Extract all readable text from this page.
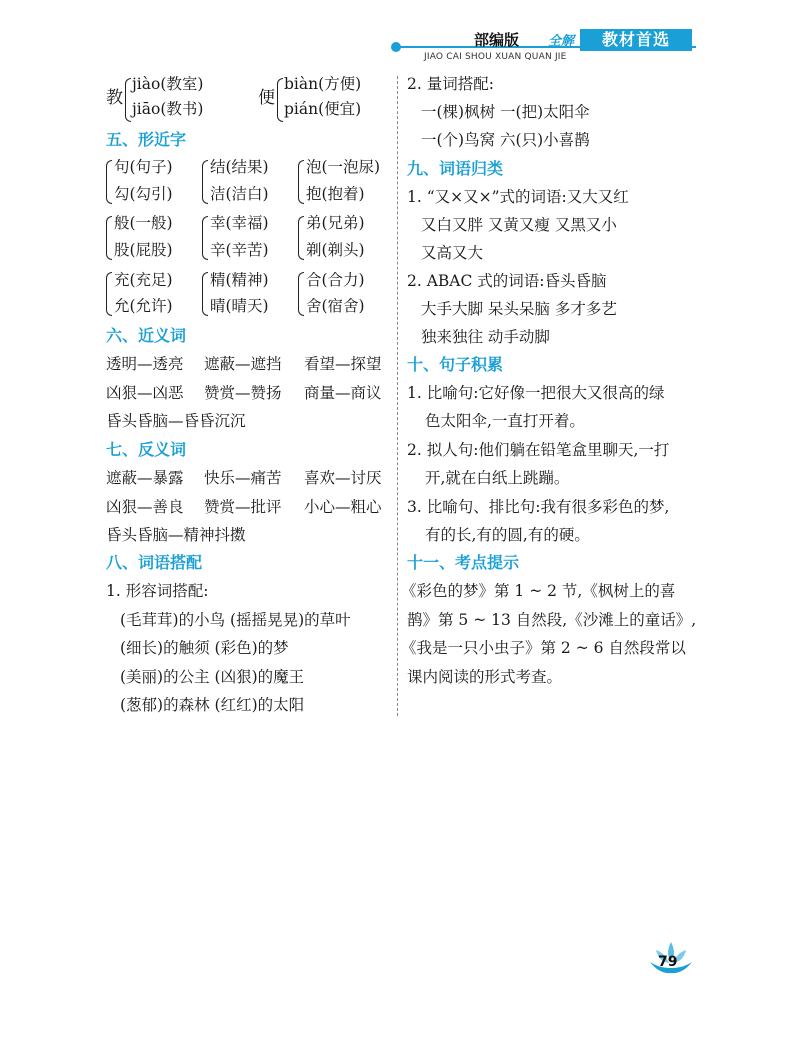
部编版 全解	教材首选
JIAO CAI SHOU XUAN QUAN JIE
教
jiào(教室)
jiāo(教书)
便
biàn(方便)
pián(便宜)
五、形近字
句(句子) 结(结果) 泡(一泡尿)
勾(勾引) 洁(洁白) 抱(抱着)
般(一般) 幸(幸福) 弟(兄弟)
股(屁股) 辛(辛苦) 剃(剃头)
充(充足) 精(精神) 合(合力)
允(允许) 晴(晴天) 舍(宿舍)
六、近义词
透明—透亮 遮蔽—遮挡 看望—探望
凶狠—凶恶 赞赏—赞扬 商量—商议
昏头昏脑—昏昏沉沉
七、反义词
遮蔽—暴露 快乐—痛苦 喜欢—讨厌
凶狠—善良 赞赏—批评 小心—粗心
昏头昏脑—精神抖擞
八、词语搭配
1. 形容词搭配:
(毛茸茸)的小鸟 (摇摇晃晃)的草叶
(细长)的触须 (彩色)的梦
(美丽)的公主 (凶狠)的魔王
(葱郁)的森林 (红红)的太阳
2. 量词搭配:
一(棵)枫树 一(把)太阳伞
一(个)鸟窝 六(只)小喜鹊
九、词语归类
1. “又×又×”式的词语:又大又红
又白又胖 又黄又瘦 又黑又小
又高又大
2. ABAC 式的词语:昏头昏脑
大手大脚 呆头呆脑 多才多艺
独来独往 动手动脚
十、句子积累
1. 比喻句:它好像一把很大又很高的绿
色太阳伞,一直打开着。
2. 拟人句:他们躺在铅笔盒里聊天,一打
开,就在白纸上跳蹦。
3. 比喻句、排比句:我有很多彩色的梦,
有的长,有的圆,有的硬。
十一、考点提示
《彩色的梦》第 1 ~ 2 节,《枫树上的喜
鹊》第 5 ~ 13 自然段,《沙滩上的童话》,
《我是一只小虫子》第 2 ~ 6 自然段常以
课内阅读的形式考查。
79
